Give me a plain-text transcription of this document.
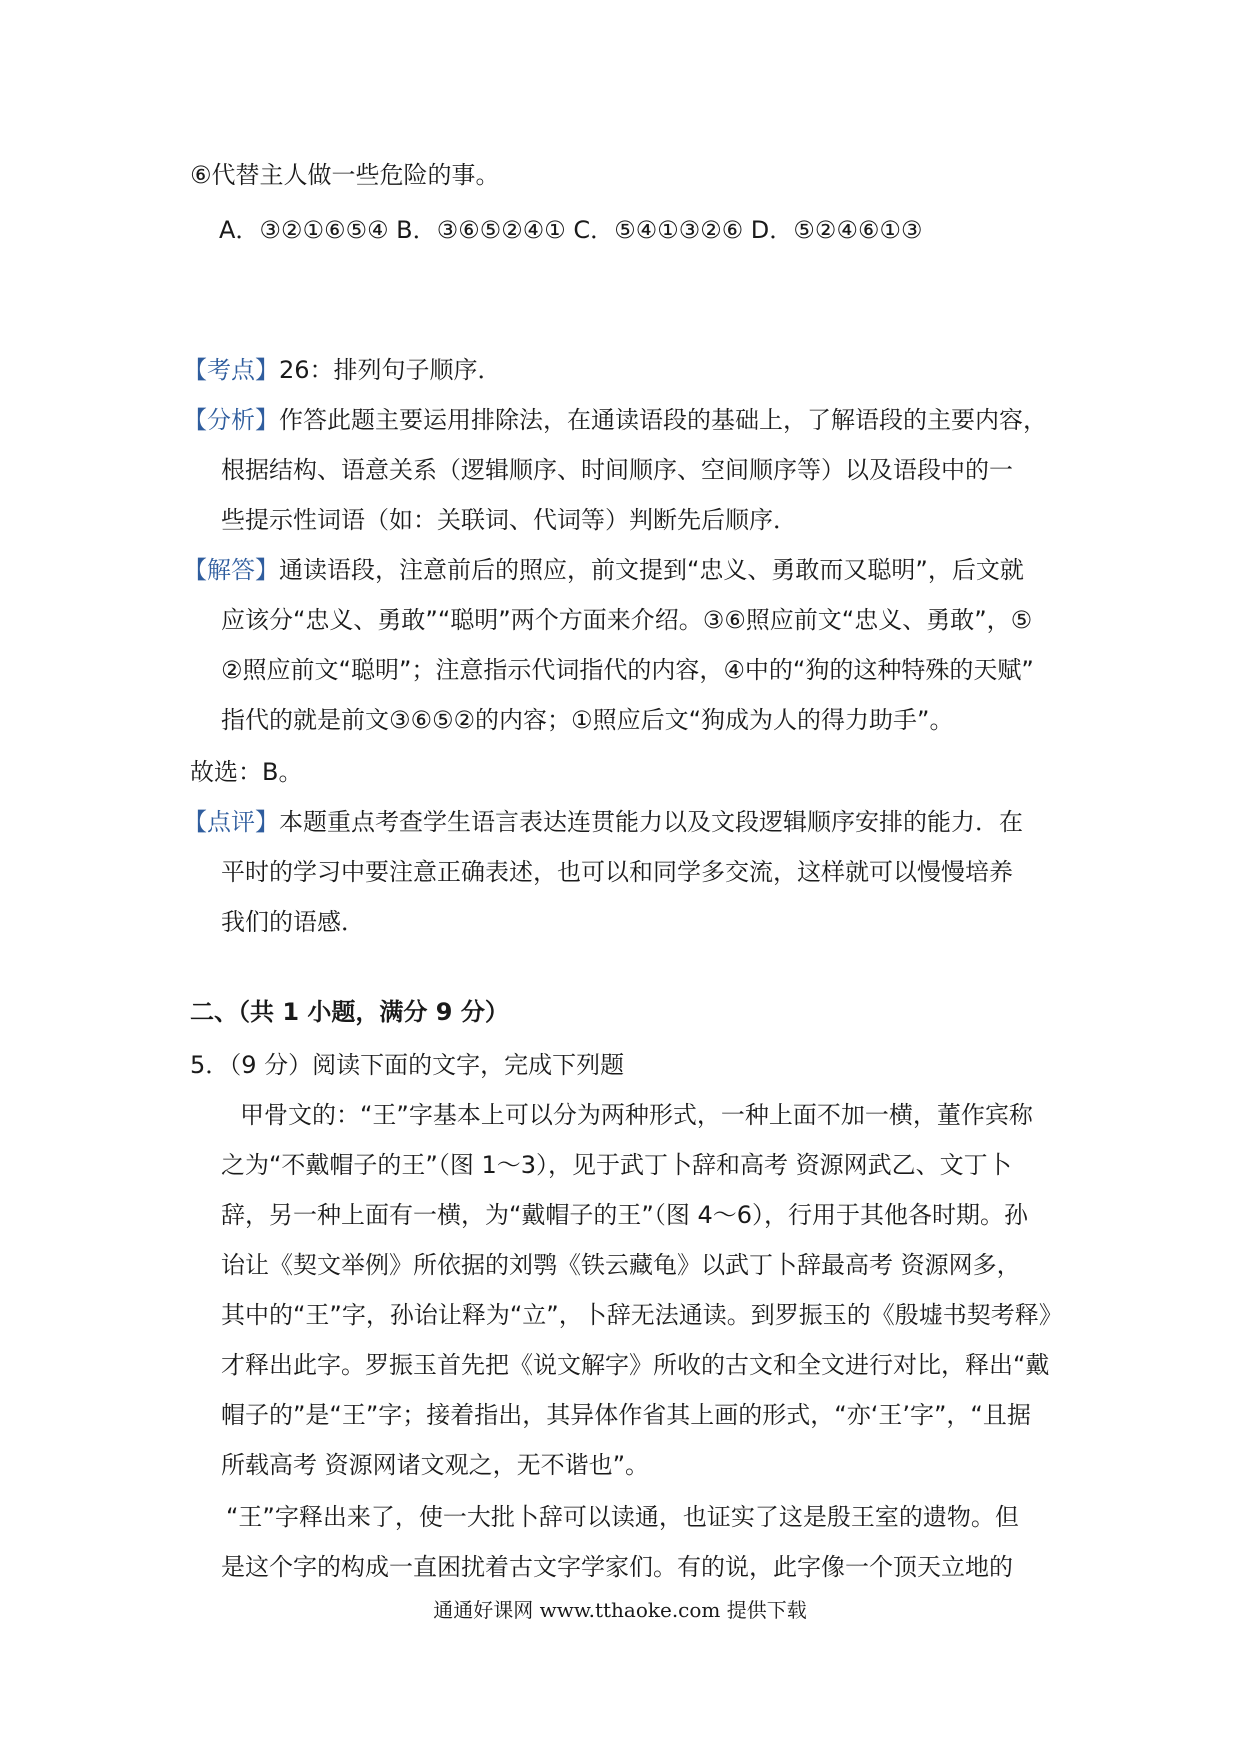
⑥代替主人做一些危险的事。
A．③②①⑥⑤④ B．③⑥⑤②④① C．⑤④①③②⑥ D．⑤②④⑥①③
【考点】26：排列句子顺序．
【分析】作答此题主要运用排除法，在通读语段的基础上，了解语段的主要内容，
根据结构、语意关系（逻辑顺序、时间顺序、空间顺序等）以及语段中的一
些提示性词语（如：关联词、代词等）判断先后顺序．
【解答】通读语段，注意前后的照应，前文提到“忠义、勇敢而又聪明”，后文就
应该分“忠义、勇敢”“聪明”两个方面来介绍。③⑥照应前文“忠义、勇敢”，⑤
②照应前文“聪明”；注意指示代词指代的内容，④中的“狗的这种特殊的天赋”
指代的就是前文③⑥⑤②的内容；①照应后文“狗成为人的得力助手”。
故选：B。
【点评】本题重点考查学生语言表达连贯能力以及文段逻辑顺序安排的能力．在
平时的学习中要注意正确表述，也可以和同学多交流，这样就可以慢慢培养
我们的语感．
二、（共 1 小题，满分 9 分）
5．（9 分）阅读下面的文字，完成下列题
甲骨文的：“王”字基本上可以分为两种形式，一种上面不加一横，董作宾称
之为“不戴帽子的王”（图 1～3），见于武丁卜辞和高考 资源网武乙、文丁卜
辞，另一种上面有一横，为“戴帽子的王”（图 4～6），行用于其他各时期。孙
诒让《契文举例》所依据的刘鹗《铁云藏龟》以武丁卜辞最高考 资源网多，
其中的“王”字，孙诒让释为“立”，卜辞无法通读。到罗振玉的《殷墟书契考释》
才释出此字。罗振玉首先把《说文解字》所收的古文和全文进行对比，释出“戴
帽子的”是“王”字；接着指出，其异体作省其上画的形式，“亦‘王’字”，“且据
所载高考 资源网诸文观之，无不谐也”。
“王”字释出来了，使一大批卜辞可以读通，也证实了这是殷王室的遗物。但
是这个字的构成一直困扰着古文字学家们。有的说，此字像一个顶天立地的
通通好课网 www.tthaoke.com 提供下载
